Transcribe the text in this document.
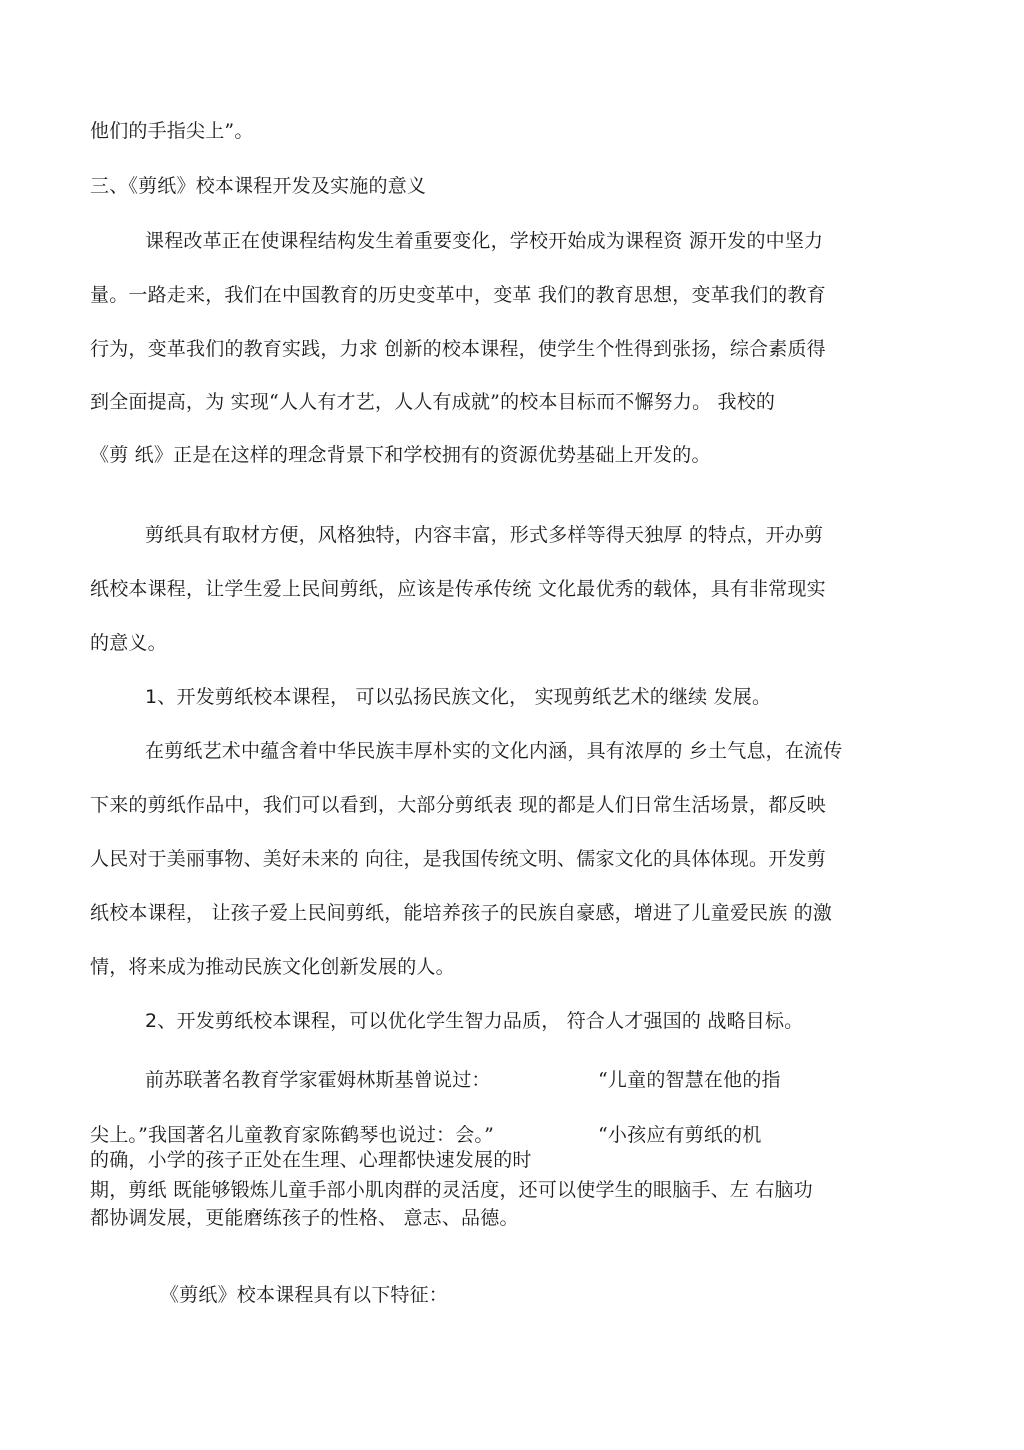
他们的手指尖上”。
三、《剪纸》校本课程开发及实施的意义
课程改革正在使课程结构发生着重要变化，学校开始成为课程资 源开发的中坚力
量。一路走来，我们在中国教育的历史变革中，变革 我们的教育思想，变革我们的教育
行为，变革我们的教育实践，力求 创新的校本课程，使学生个性得到张扬，综合素质得
到全面提高，为 实现“人人有才艺，人人有成就”的校本目标而不懈努力。 我校的
《剪 纸》正是在这样的理念背景下和学校拥有的资源优势基础上开发的。
剪纸具有取材方便，风格独特，内容丰富，形式多样等得天独厚 的特点，开办剪
纸校本课程，让学生爱上民间剪纸，应该是传承传统 文化最优秀的载体，具有非常现实
的意义。
1、开发剪纸校本课程， 可以弘扬民族文化， 实现剪纸艺术的继续 发展。
在剪纸艺术中蕴含着中华民族丰厚朴实的文化内涵，具有浓厚的 乡土气息，在流传
下来的剪纸作品中，我们可以看到，大部分剪纸表 现的都是人们日常生活场景，都反映
人民对于美丽事物、美好未来的 向往，是我国传统文明、儒家文化的具体体现。开发剪
纸校本课程， 让孩子爱上民间剪纸，能培养孩子的民族自豪感，增进了儿童爱民族 的激
情，将来成为推动民族文化创新发展的人。
2、开发剪纸校本课程，可以优化学生智力品质， 符合人才强国的 战略目标。
前苏联著名教育学家霍姆林斯基曾说过：	“儿童的智慧在他的指
尖上。”我国著名儿童教育家陈鹤琴也说过：会。”	“小孩应有剪纸的机
的确，小学的孩子正处在生理、心理都快速发展的时
期，剪纸 既能够锻炼儿童手部小肌肉群的灵活度，还可以使学生的眼脑手、左 右脑功
都协调发展，更能磨练孩子的性格、 意志、品德。
《剪纸》校本课程具有以下特征：
